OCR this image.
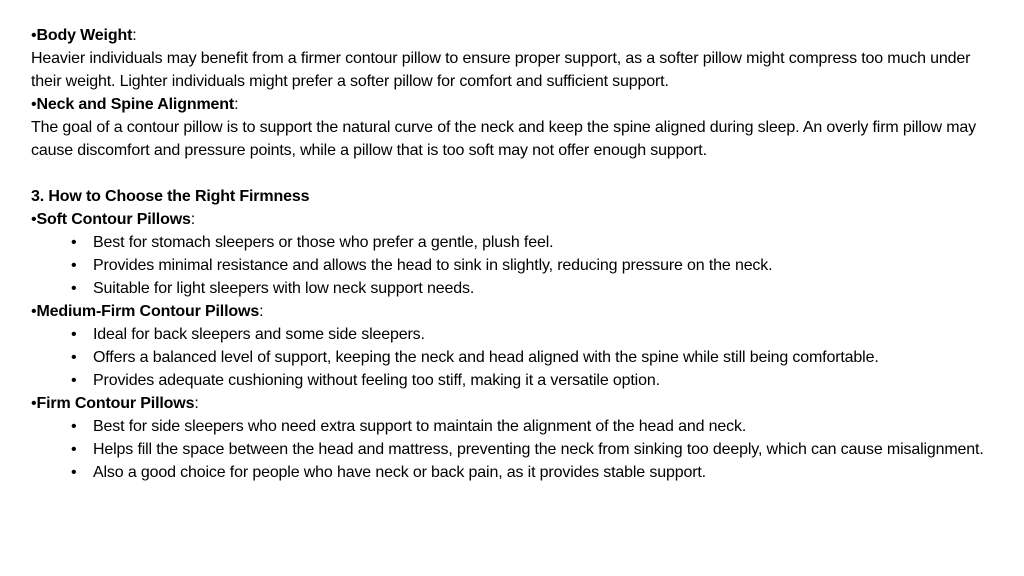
•Body Weight:
Heavier individuals may benefit from a firmer contour pillow to ensure proper support, as a softer pillow might compress too much under their weight. Lighter individuals might prefer a softer pillow for comfort and sufficient support.
•Neck and Spine Alignment:
The goal of a contour pillow is to support the natural curve of the neck and keep the spine aligned during sleep. An overly firm pillow may cause discomfort and pressure points, while a pillow that is too soft may not offer enough support.
3. How to Choose the Right Firmness
•Soft Contour Pillows:
• Best for stomach sleepers or those who prefer a gentle, plush feel.
• Provides minimal resistance and allows the head to sink in slightly, reducing pressure on the neck.
• Suitable for light sleepers with low neck support needs.
•Medium-Firm Contour Pillows:
• Ideal for back sleepers and some side sleepers.
• Offers a balanced level of support, keeping the neck and head aligned with the spine while still being comfortable.
• Provides adequate cushioning without feeling too stiff, making it a versatile option.
•Firm Contour Pillows:
• Best for side sleepers who need extra support to maintain the alignment of the head and neck.
• Helps fill the space between the head and mattress, preventing the neck from sinking too deeply, which can cause misalignment.
• Also a good choice for people who have neck or back pain, as it provides stable support.
